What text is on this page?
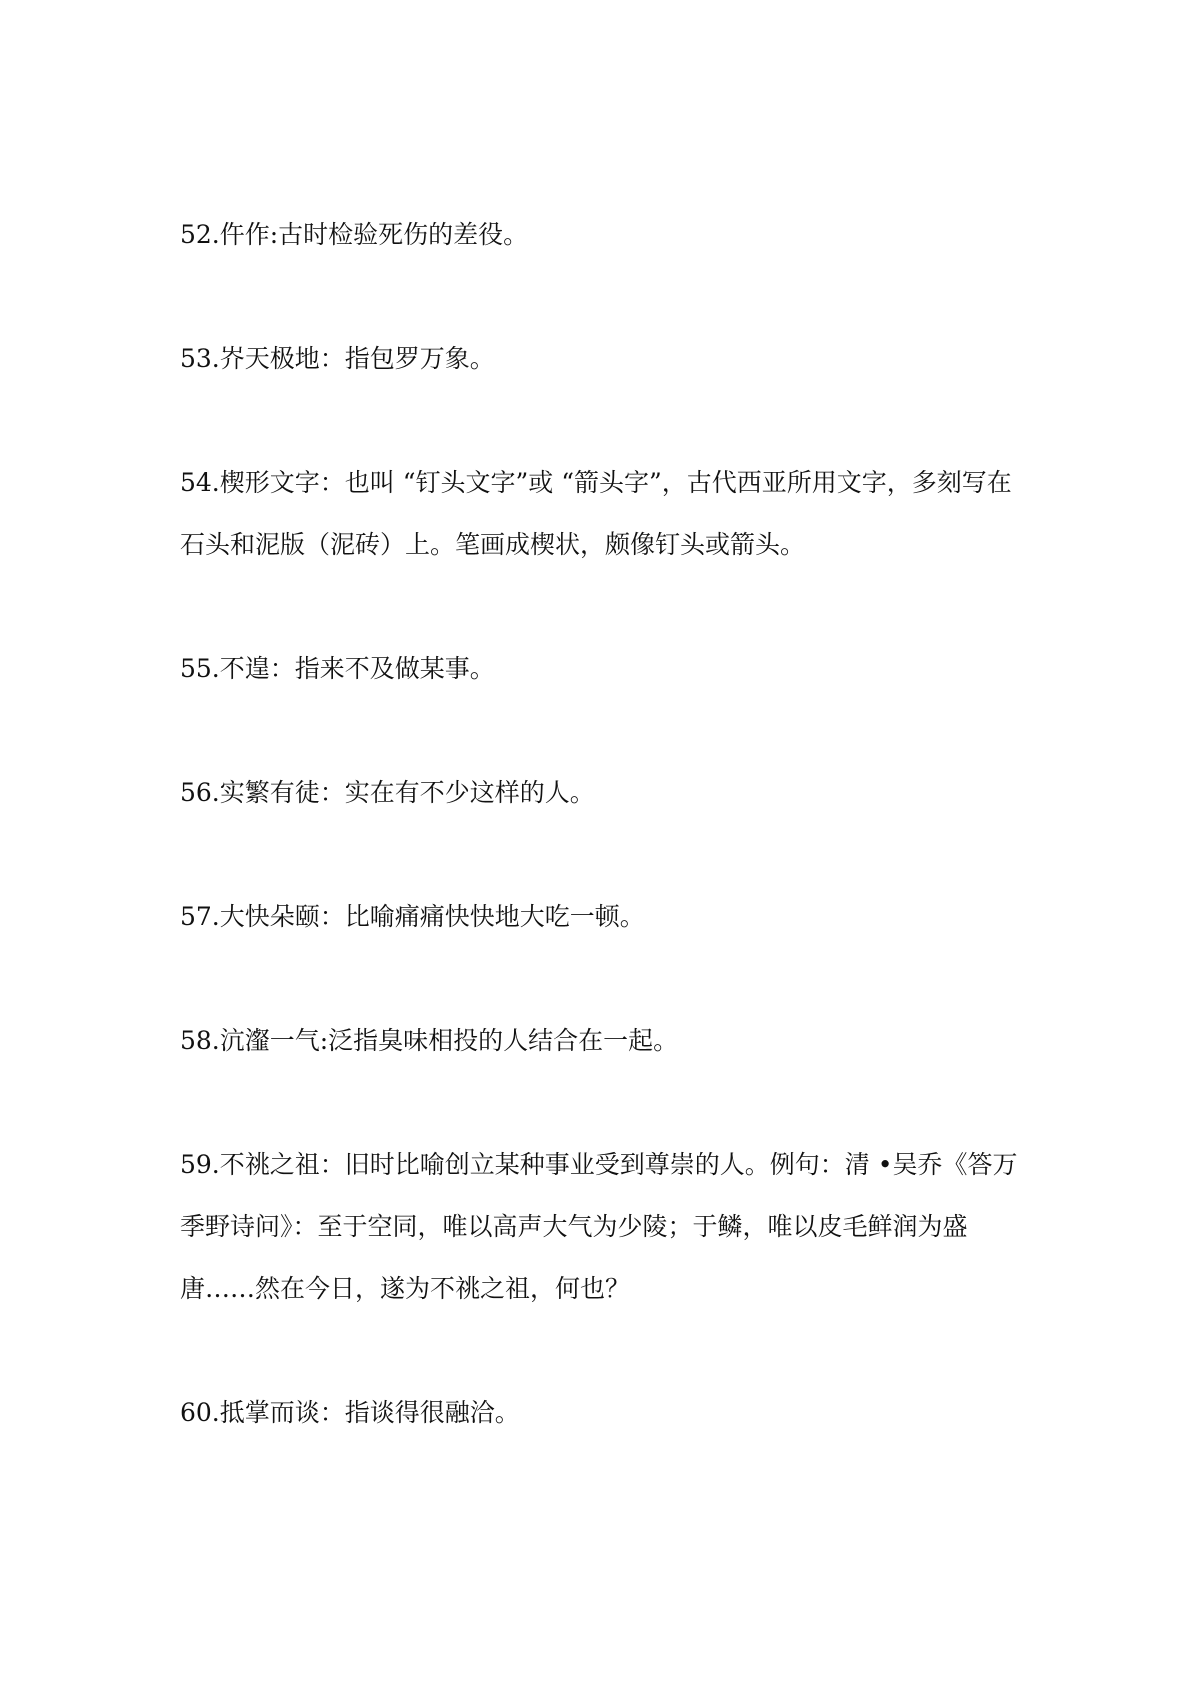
52.仵作:古时检验死伤的差役。

53.岕天极地：指包罗万象。

54.楔形文字：也叫 “钉头文字”或 “箭头字”，古代西亚所用文字，多刻写在石头和泥版（泥砖）上。笔画成楔状，颇像钉头或箭头。

55.不遑：指来不及做某事。

56.实繁有徒：实在有不少这样的人。

57.大快朵颐：比喻痛痛快快地大吃一顿。

58.沆瀣一气:泛指臭味相投的人结合在一起。

59.不祧之祖：旧时比喻创立某种事业受到尊崇的人。例句：清 •吴乔《答万季野诗问》：至于空同，唯以高声大气为少陵；于鳞，唯以皮毛鲜润为盛唐……然在今日，遂为不祧之祖，何也？

60.抵掌而谈：指谈得很融洽。
